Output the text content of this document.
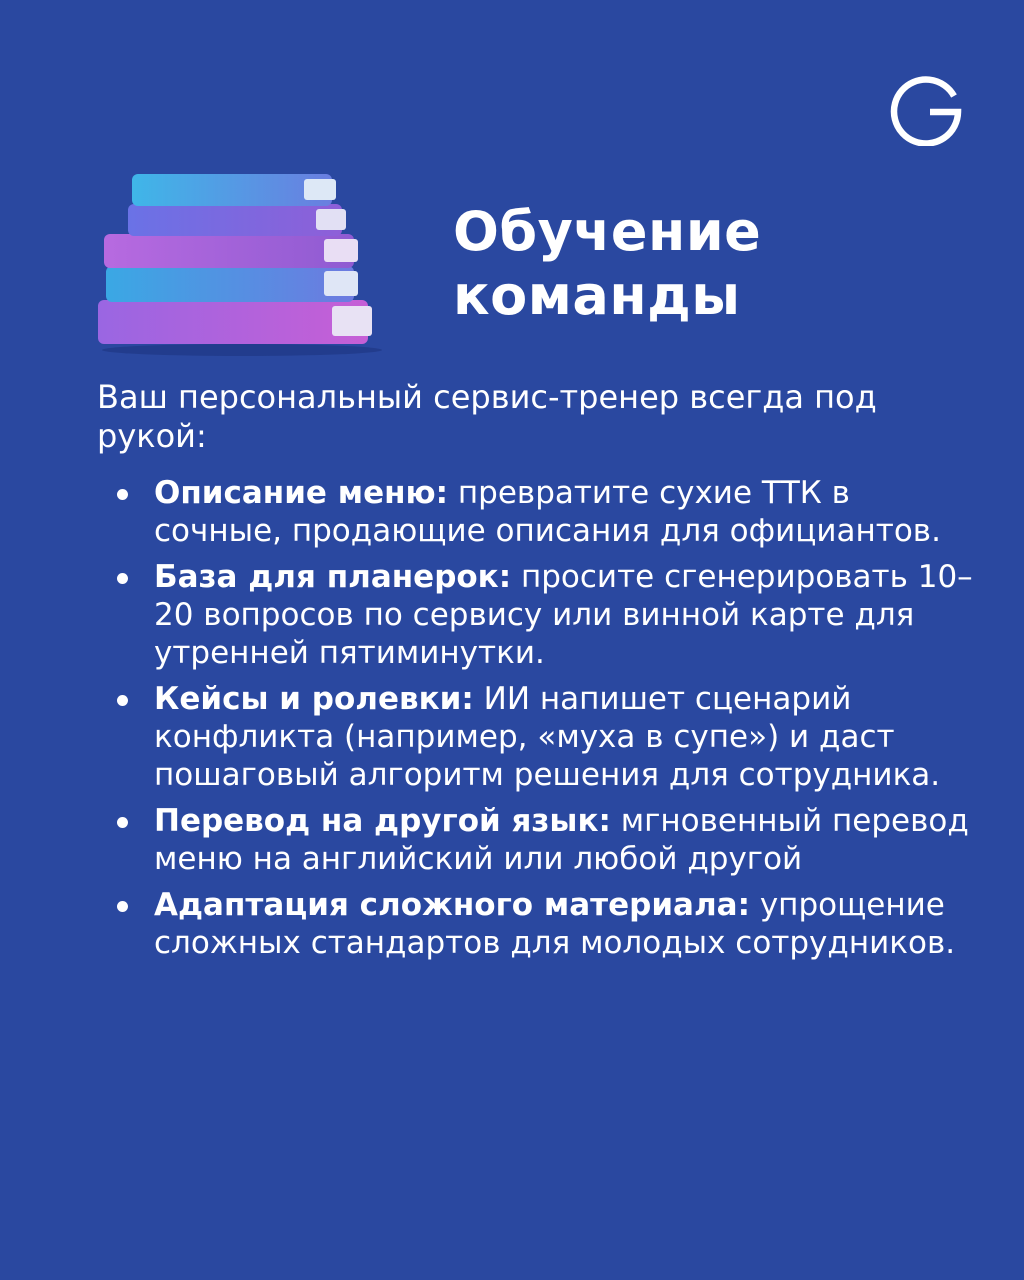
Обучение
команды

Ваш персональный сервис-тренер всегда под рукой:

Описание меню: превратите сухие ТТК в сочные, продающие описания для официантов.
База для планерок: просите сгенерировать 10–20 вопросов по сервису или винной карте для утренней пятиминутки.
Кейсы и ролевки: ИИ напишет сценарий конфликта (например, «муха в супе») и даст пошаговый алгоритм решения для сотрудника.
Перевод на другой язык: мгновенный перевод меню на английский или любой другой
Адаптация сложного материала: упрощение сложных стандартов для молодых сотрудников.
